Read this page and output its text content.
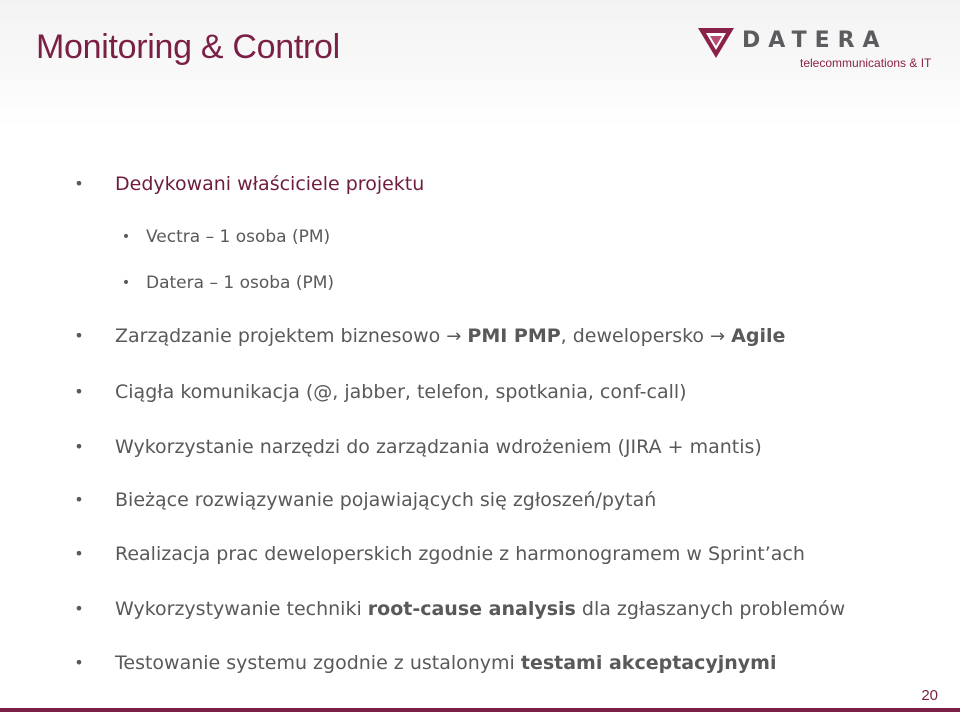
Monitoring & Control	DATERA
telecommunications & IT
• Dedykowani właściciele projektu
• Vectra – 1 osoba (PM)
• Datera – 1 osoba (PM)
• Zarządzanie projektem biznesowo → PMI PMP, dewelopersko → Agile
• Ciągła komunikacja (@, jabber, telefon, spotkania, conf-call)
• Wykorzystanie narzędzi do zarządzania wdrożeniem (JIRA + mantis)
• Bieżące rozwiązywanie pojawiających się zgłoszeń/pytań
• Realizacja prac deweloperskich zgodnie z harmonogramem w Sprint’ach
• Wykorzystywanie techniki root-cause analysis dla zgłaszanych problemów
• Testowanie systemu zgodnie z ustalonymi testami akceptacyjnymi
20
